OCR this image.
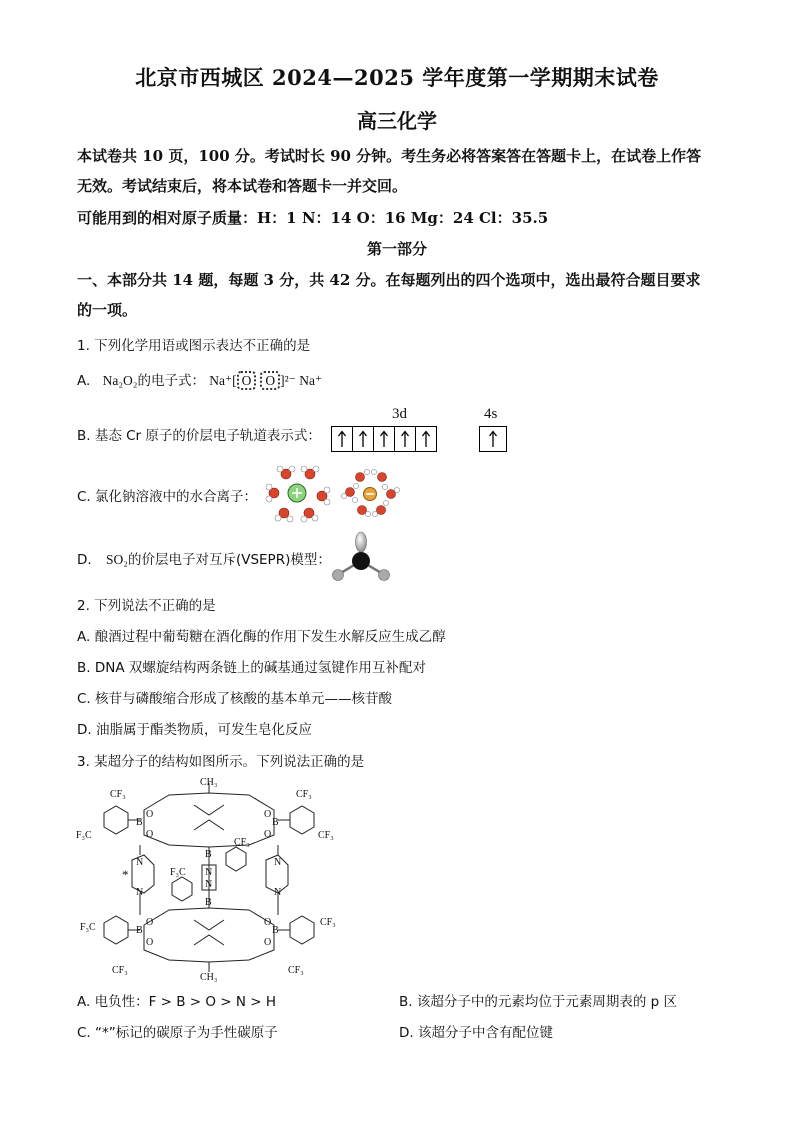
北京市西城区 2024—2025 学年度第一学期期末试卷
高三化学
本试卷共 10 页，100 分。考试时长 90 分钟。考生务必将答案答在答题卡上，在试卷上作答
无效。考试结束后，将本试卷和答题卡一并交回。
可能用到的相对原子质量：H：1 N：14 O：16 Mg：24 Cl：35.5
第一部分
一、本部分共 14 题，每题 3 分，共 42 分。在每题列出的四个选项中，选出最符合题目要求
的一项。
1. 下列化学用语或图示表达不正确的是
A. Na₂O₂的电子式： Na⁺[ O O ]²⁻ Na⁺
B. 基态 Cr 原子的价层电子轨道表示式：
3d	4s
C. 氯化钠溶液中的水合离子：
D. SO₂的价层电子对互斥(VSEPR)模型：
2. 下列说法不正确的是
A. 酿酒过程中葡萄糖在酒化酶的作用下发生水解反应生成乙醇
B. DNA 双螺旋结构两条链上的碱基通过氢键作用互补配对
C. 核苷与磷酸缩合形成了核酸的基本单元——核苷酸
D. 油脂属于酯类物质，可发生皂化反应
3. 某超分子的结构如图所示。下列说法正确的是
CH₃
CH₃
CF₃
F₃C
CF₃
CF₃
F₃C
CF₃
CF₃
CF₃
CF₃
F₃C
B	B
B	B
B
B
N
N
N
N
N
N
*
O
O
O
O
O
O
O
O
A. 电负性：F > B > O > N > H	B. 该超分子中的元素均位于元素周期表的 p 区
C. “*”标记的碳原子为手性碳原子	D. 该超分子中含有配位键
